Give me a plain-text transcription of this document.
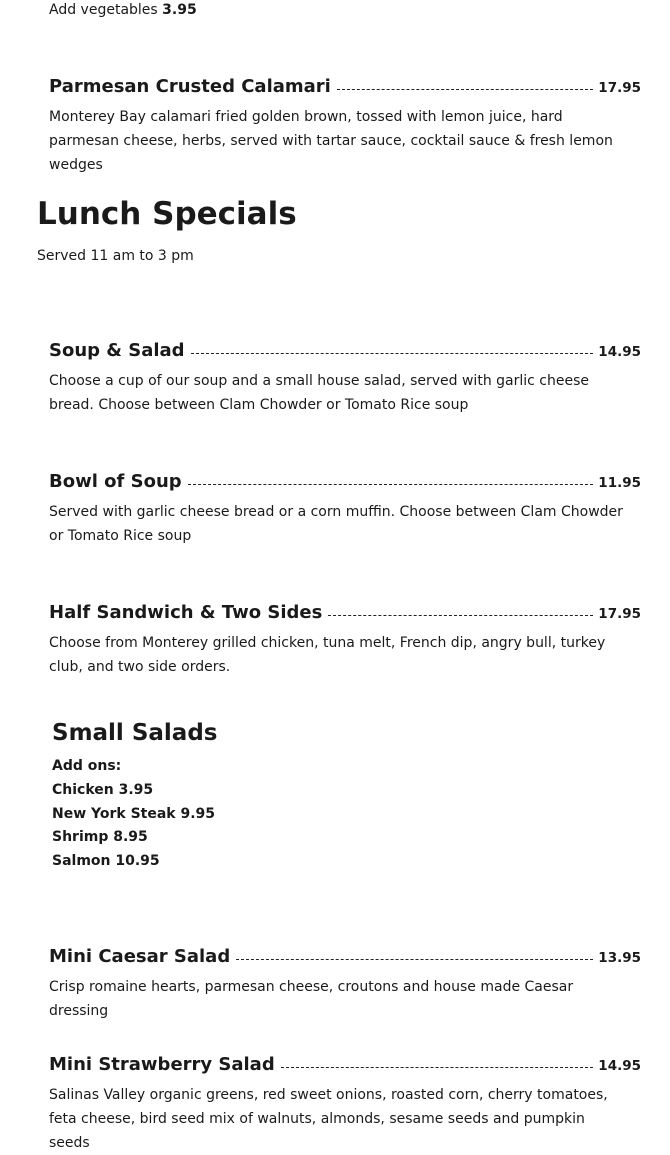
Add vegetables 3.95
Parmesan Crusted Calamari	17.95
Monterey Bay calamari fried golden brown, tossed with lemon juice, hard parmesan cheese, herbs, served with tartar sauce, cocktail sauce & fresh lemon wedges
Lunch Specials
Served 11 am to 3 pm
Soup & Salad	14.95
Choose a cup of our soup and a small house salad, served with garlic cheese bread. Choose between Clam Chowder or Tomato Rice soup
Bowl of Soup	11.95
Served with garlic cheese bread or a corn muffin. Choose between Clam Chowder or Tomato Rice soup
Half Sandwich & Two Sides	17.95
Choose from Monterey grilled chicken, tuna melt, French dip, angry bull, turkey club, and two side orders.
Small Salads
Add ons:
Chicken 3.95
New York Steak 9.95
Shrimp 8.95
Salmon 10.95
Mini Caesar Salad	13.95
Crisp romaine hearts, parmesan cheese, croutons and house made Caesar dressing
Mini Strawberry Salad	14.95
Salinas Valley organic greens, red sweet onions, roasted corn, cherry tomatoes, feta cheese, bird seed mix of walnuts, almonds, sesame seeds and pumpkin seeds
